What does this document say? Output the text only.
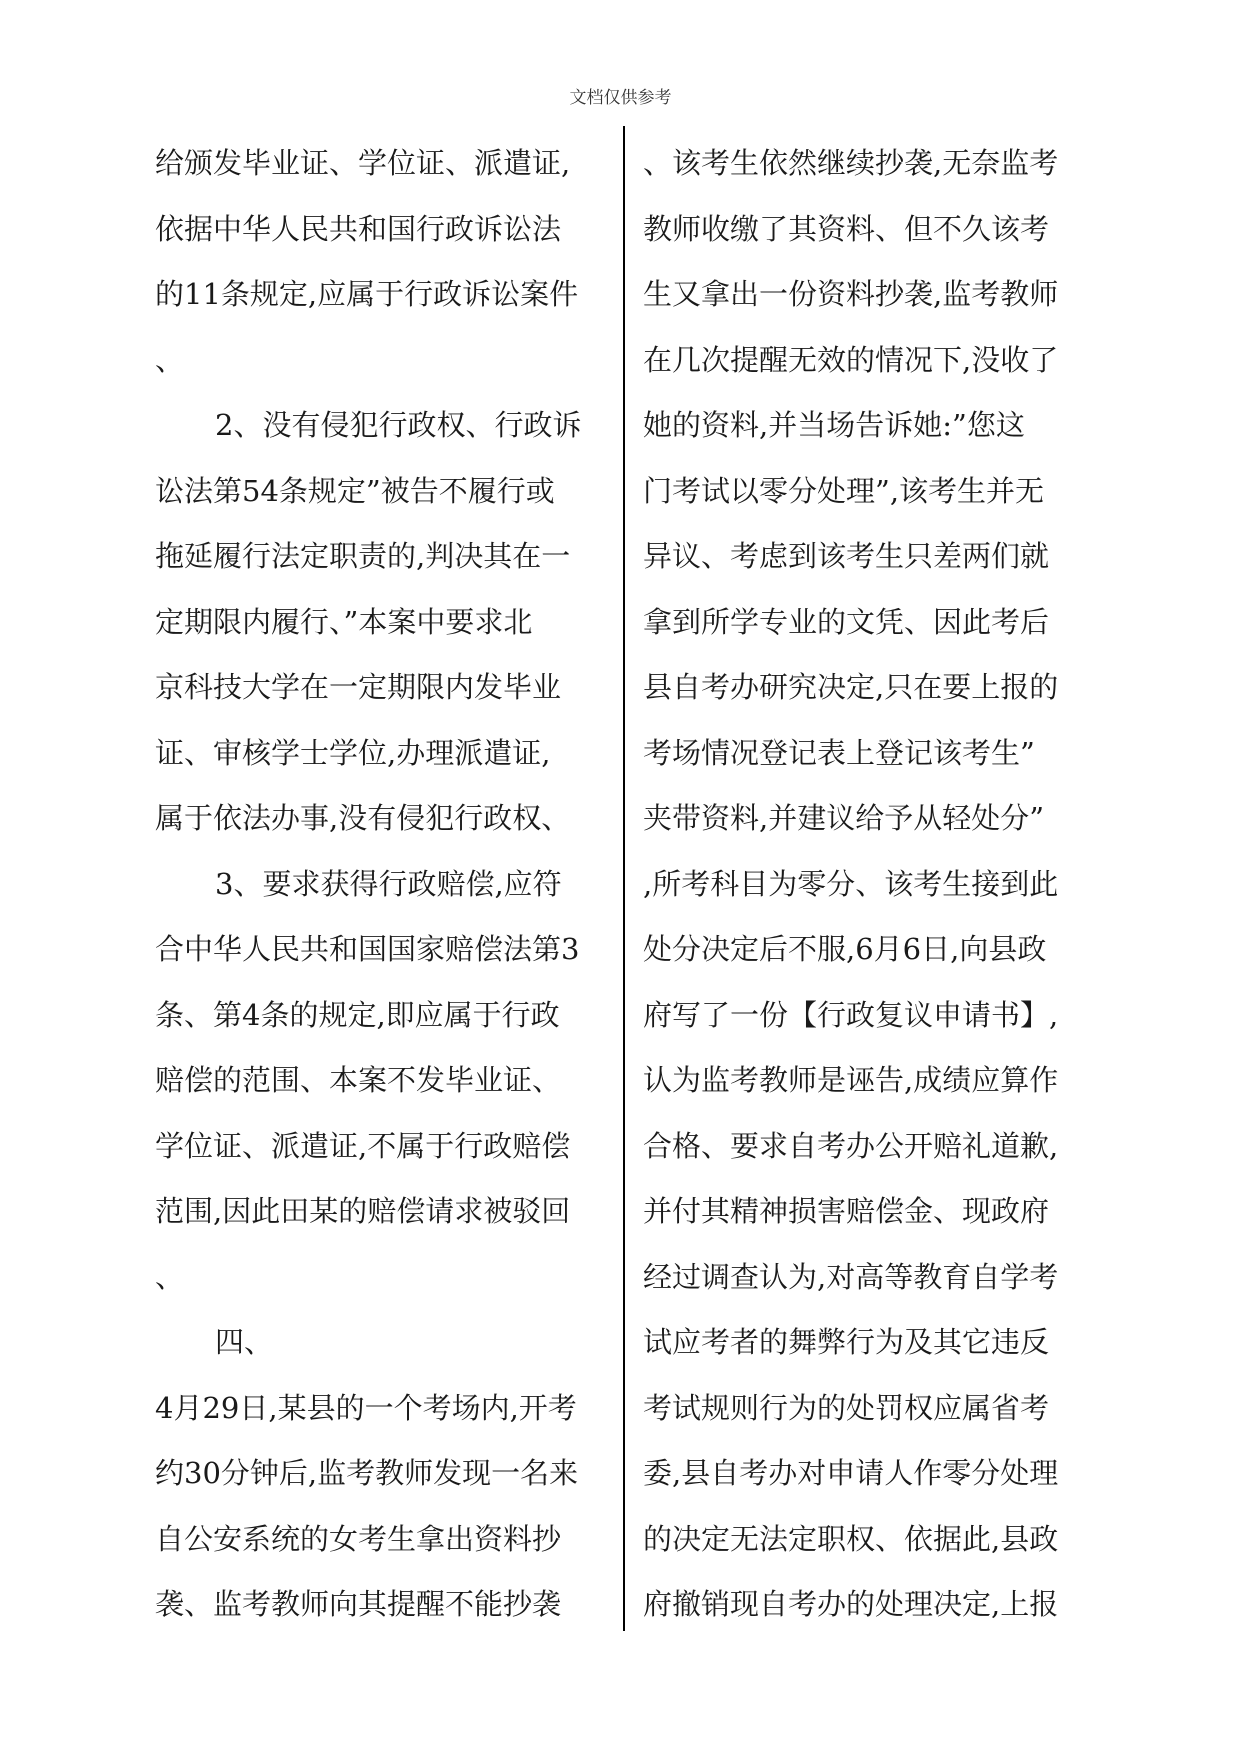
文档仅供参考
给颁发毕业证、学位证、派遣证,
依据中华人民共和国行政诉讼法
的11条规定,应属于行政诉讼案件
、
2、没有侵犯行政权、行政诉
讼法第54条规定”被告不履行或
拖延履行法定职责的,判决其在一
定期限内履行、”本案中要求北
京科技大学在一定期限内发毕业
证、审核学士学位,办理派遣证,
属于依法办事,没有侵犯行政权、
3、要求获得行政赔偿,应符
合中华人民共和国国家赔偿法第3
条、第4条的规定,即应属于行政
赔偿的范围、本案不发毕业证、
学位证、派遣证,不属于行政赔偿
范围,因此田某的赔偿请求被驳回
、
四、
4月29日,某县的一个考场内,开考
约30分钟后,监考教师发现一名来
自公安系统的女考生拿出资料抄
袭、监考教师向其提醒不能抄袭
、该考生依然继续抄袭,无奈监考
教师收缴了其资料、但不久该考
生又拿出一份资料抄袭,监考教师
在几次提醒无效的情况下,没收了
她的资料,并当场告诉她:”您这
门考试以零分处理”,该考生并无
异议、考虑到该考生只差两们就
拿到所学专业的文凭、因此考后
县自考办研究决定,只在要上报的
考场情况登记表上登记该考生”
夹带资料,并建议给予从轻处分”
,所考科目为零分、该考生接到此
处分决定后不服,6月6日,向县政
府写了一份【行政复议申请书】,
认为监考教师是诬告,成绩应算作
合格、要求自考办公开赔礼道歉,
并付其精神损害赔偿金、现政府
经过调查认为,对高等教育自学考
试应考者的舞弊行为及其它违反
考试规则行为的处罚权应属省考
委,县自考办对申请人作零分处理
的决定无法定职权、依据此,县政
府撤销现自考办的处理决定,上报
